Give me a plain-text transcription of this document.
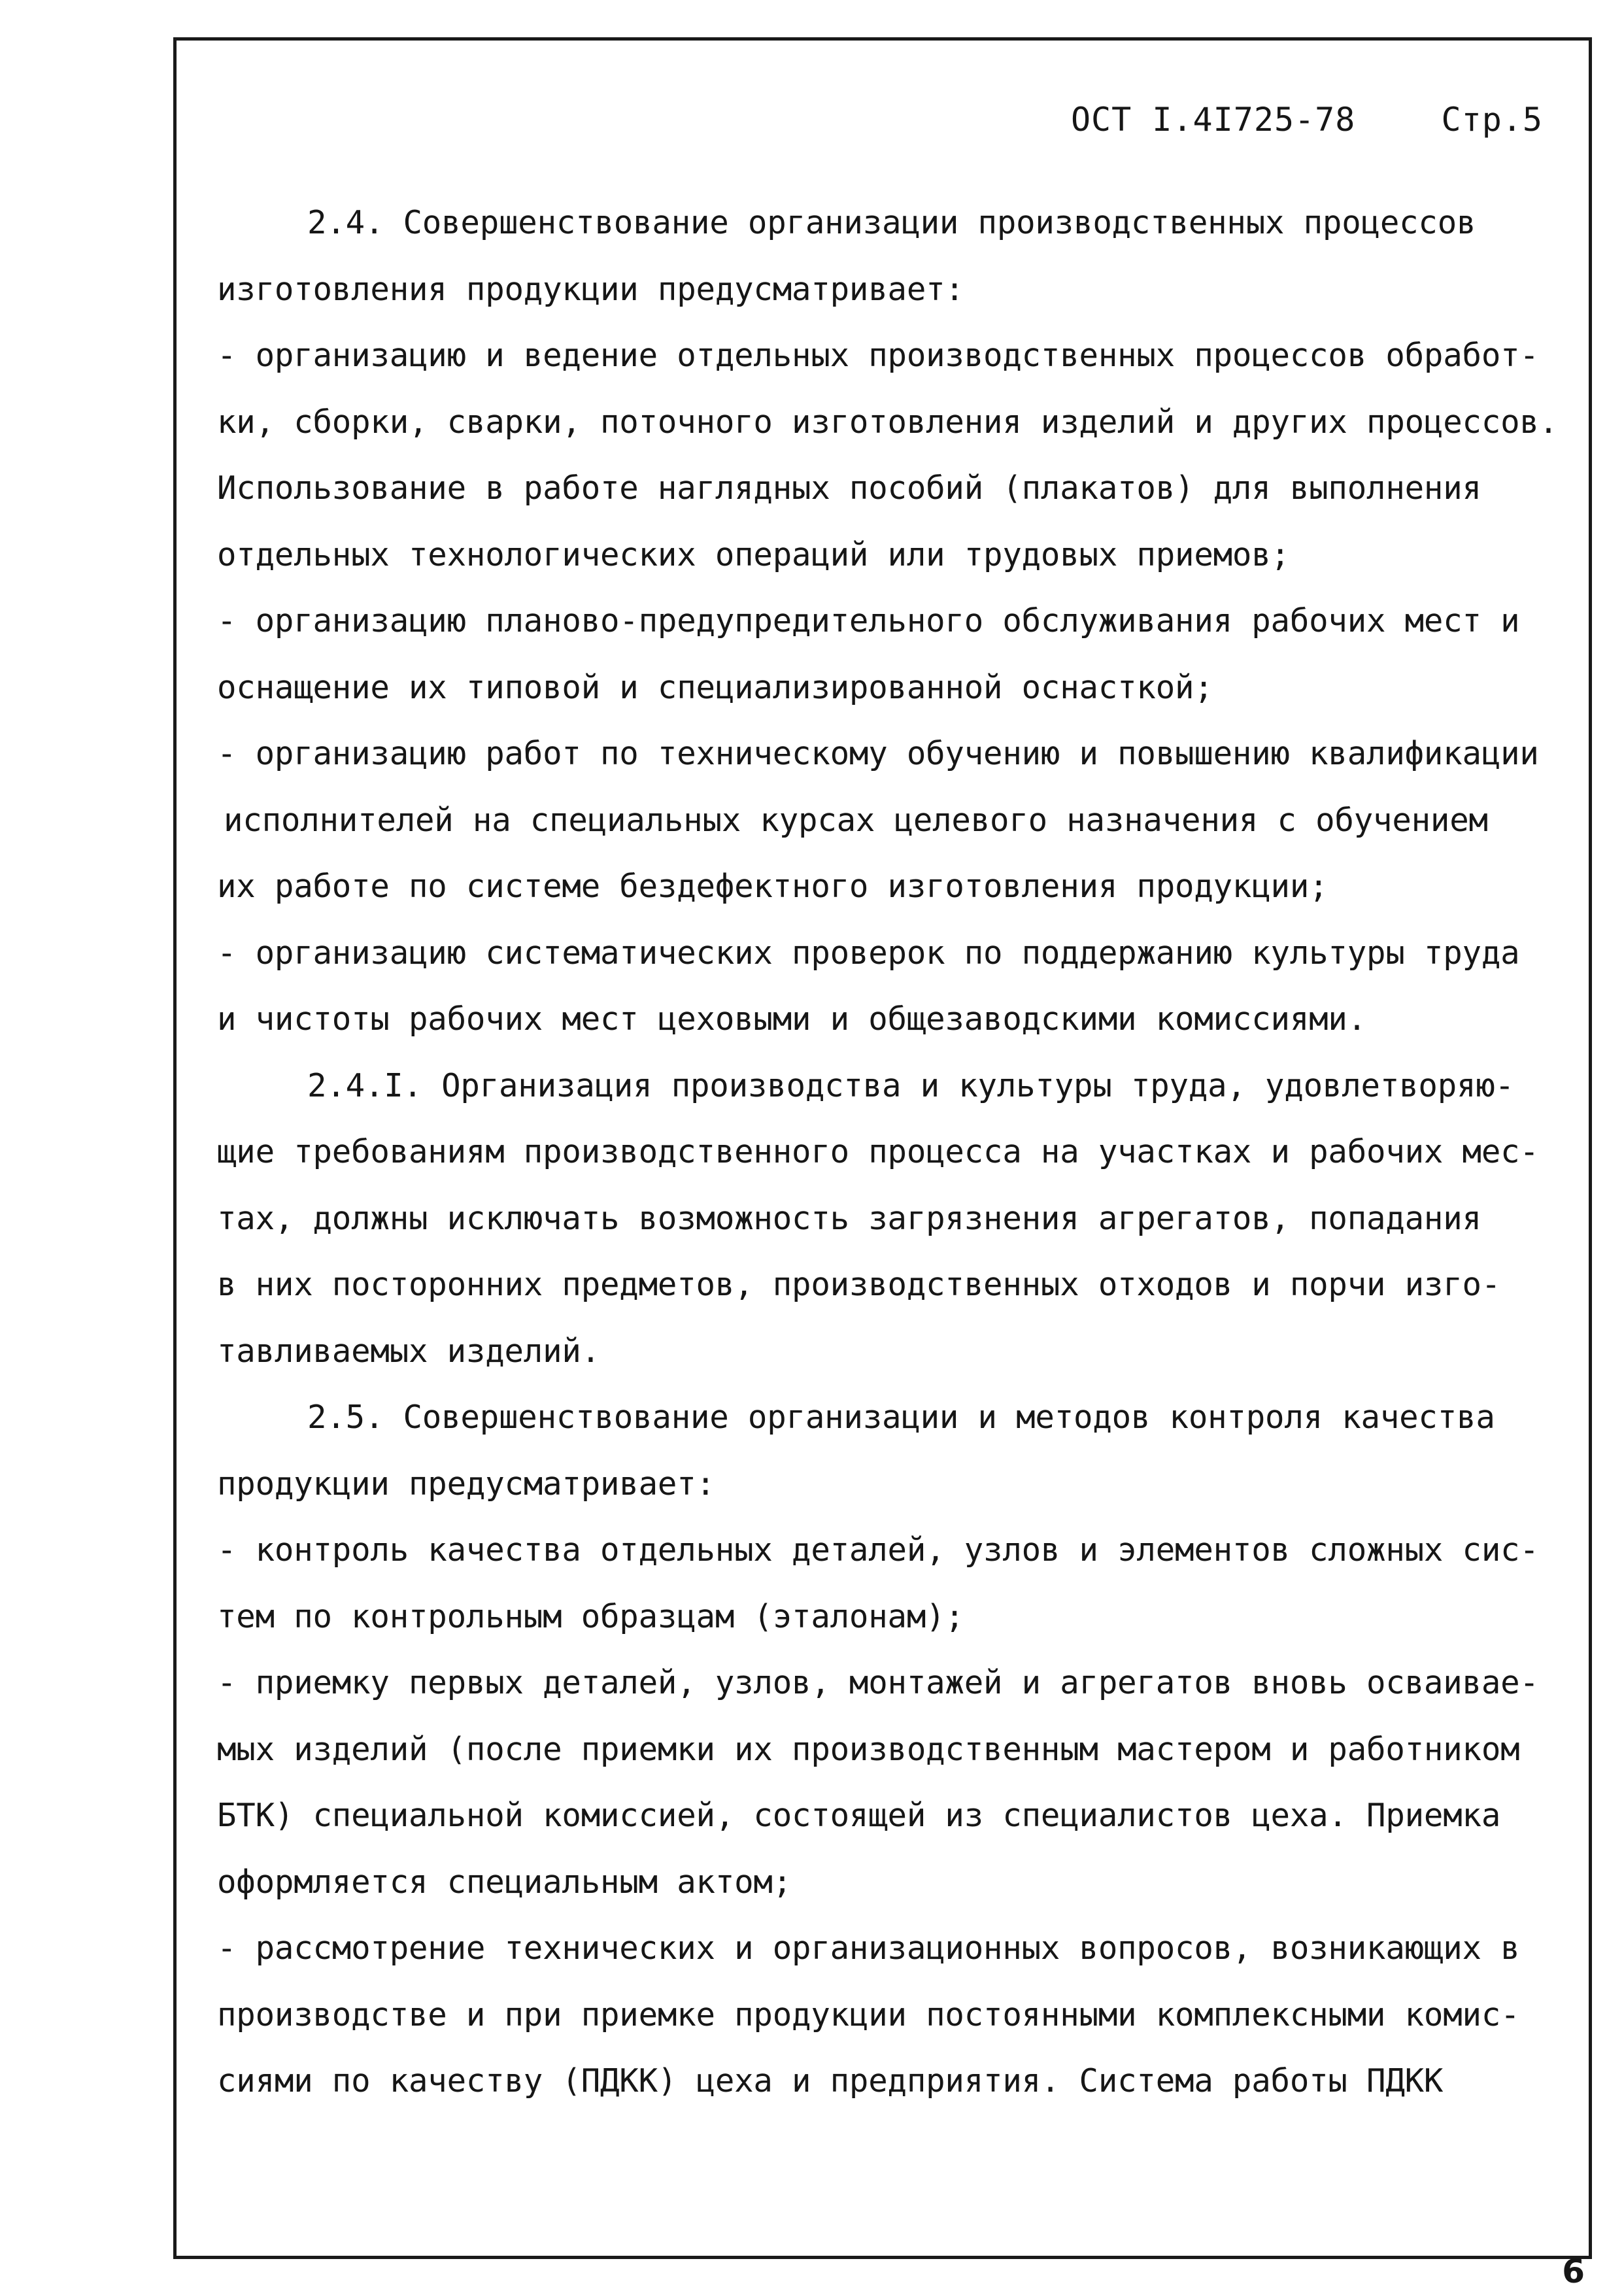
ОСТ I.4I725-78	Стр.5
2.4. Совершенствование организации производственных процессов
изготовления продукции предусматривает:
- организацию и ведение отдельных производственных процессов обработ-
ки, сборки, сварки, поточного изготовления изделий и других процессов.
Использование в работе наглядных пособий (плакатов) для выполнения
отдельных технологических операций или трудовых приемов;
- организацию планово-предупредительного обслуживания рабочих мест и
оснащение их типовой и специализированной оснасткой;
- организацию работ по техническому обучению и повышению квалификации
исполнителей на специальных курсах целевого назначения с обучением
их работе по системе бездефектного изготовления продукции;
- организацию систематических проверок по поддержанию культуры труда
и чистоты рабочих мест цеховыми и общезаводскими комиссиями.
2.4.I. Организация производства и культуры труда, удовлетворяю-
щие требованиям производственного процесса на участках и рабочих мес-
тах, должны исключать возможность загрязнения агрегатов, попадания
в них посторонних предметов, производственных отходов и порчи изго-
тавливаемых изделий.
2.5. Совершенствование организации и методов контроля качества
продукции предусматривает:
- контроль качества отдельных деталей, узлов и элементов сложных сис-
тем по контрольным образцам (эталонам);
- приемку первых деталей, узлов, монтажей и агрегатов вновь осваивае-
мых изделий (после приемки их производственным мастером и работником
БТК) специальной комиссией, состоящей из специалистов цеха. Приемка
оформляется специальным актом;
- рассмотрение технических и организационных вопросов, возникающих в
производстве и при приемке продукции постоянными комплексными комис-
сиями по качеству (ПДКК) цеха и предприятия. Система работы ПДКК
6
